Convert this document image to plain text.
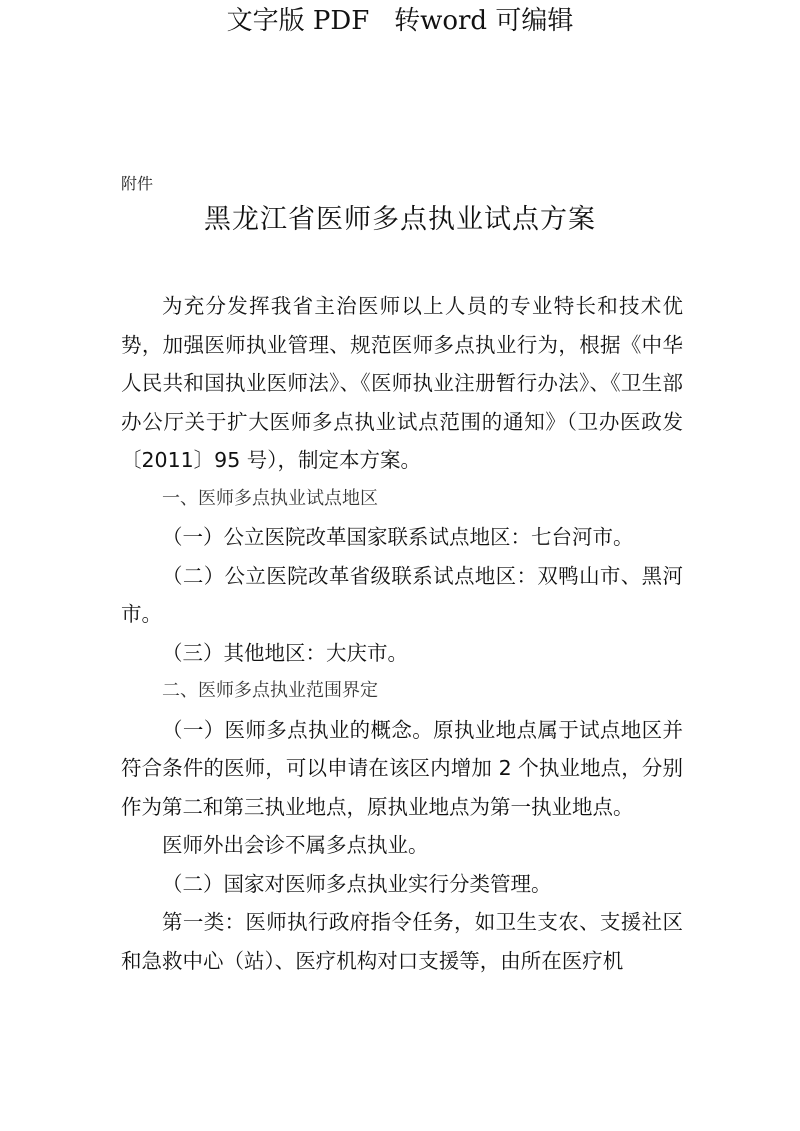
文字版 PDF   转word 可编辑
附件
黑龙江省医师多点执业试点方案

为充分发挥我省主治医师以上人员的专业特长和技术优势，加强医师执业管理、规范医师多点执业行为，根据《中华人民共和国执业医师法》、《医师执业注册暂行办法》、《卫生部办公厅关于扩大医师多点执业试点范围的通知》（卫办医政发〔2011〕95 号），制定本方案。

一、医师多点执业试点地区

（一）公立医院改革国家联系试点地区：七台河市。

（二）公立医院改革省级联系试点地区：双鸭山市、黑河市。

（三）其他地区：大庆市。

二、医师多点执业范围界定

（一）医师多点执业的概念。原执业地点属于试点地区并符合条件的医师，可以申请在该区内增加 2 个执业地点，分别作为第二和第三执业地点，原执业地点为第一执业地点。

医师外出会诊不属多点执业。

（二）国家对医师多点执业实行分类管理。

第一类：医师执行政府指令任务，如卫生支农、支援社区和急救中心（站）、医疗机构对口支援等，由所在医疗机
